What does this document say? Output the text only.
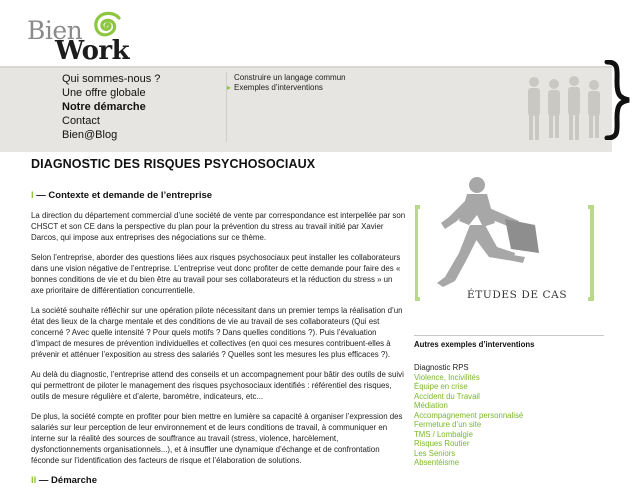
Bien
Work
Qui sommes-nous ?
Une offre globale
Notre démarche
Contact
Bien@Blog
Construire un langage commun
▸ Exemples d’interventions
DIAGNOSTIC DES RISQUES PSYCHOSOCIAUX
I — Contexte et demande de l’entreprise

La direction du département commercial d’une société de vente par correspondance est interpellée par son CHSCT et son CE dans la perspective du plan pour la prévention du stress au travail initié par Xavier Darcos, qui impose aux entreprises des négociations sur ce thème.

Selon l’entreprise, aborder des questions liées aux risques psychosociaux peut installer les collaborateurs dans une vision négative de l’entreprise. L’entreprise veut donc profiter de cette demande pour faire des « bonnes conditions de vie et du bien être au travail pour ses collaborateurs et la réduction du stress » un axe prioritaire de différentiation concurrentielle.

La société souhaite réfléchir sur une opération pilote nécessitant dans un premier temps la réalisation d’un état des lieux de la charge mentale et des conditions de vie au travail de ses collaborateurs (Qui est concerné ? Avec quelle intensité ? Pour quels motifs ? Dans quelles conditions ?). Puis l’évaluation d’impact de mesures de prévention individuelles et collectives (en quoi ces mesures contribuent-elles à prévenir et atténuer l’exposition au stress des salariés ? Quelles sont les mesures les plus efficaces ?).

Au delà du diagnostic, l’entreprise attend des conseils et un accompagnement pour bâtir des outils de suivi qui permettront de piloter le management des risques psychosociaux identifiés : référentiel des risques, outils de mesure régulière et d’alerte, baromètre, indicateurs, etc...

De plus, la société compte en profiter pour bien mettre en lumière sa capacité à organiser l’expression des salariés sur leur perception de leur environnement et de leurs conditions de travail, à communiquer en interne sur la réalité des sources de souffrance au travail (stress, violence, harcèlement, dysfonctionnements organisationnels...), et à insuffler une dynamique d’échange et de confrontation féconde sur l’identification des facteurs de risque et l’élaboration de solutions.

II — Démarche
ÉTUDES DE CAS
Autres exemples d’interventions
Diagnostic RPS
Violence, Incivilités
Équipe en crise
Accident du Travail
Médiation
Accompagnement personnalisé
Fermeture d’un site
TMS / Lombalgie
Risques Routier
Les Seniors
Absentéisme
